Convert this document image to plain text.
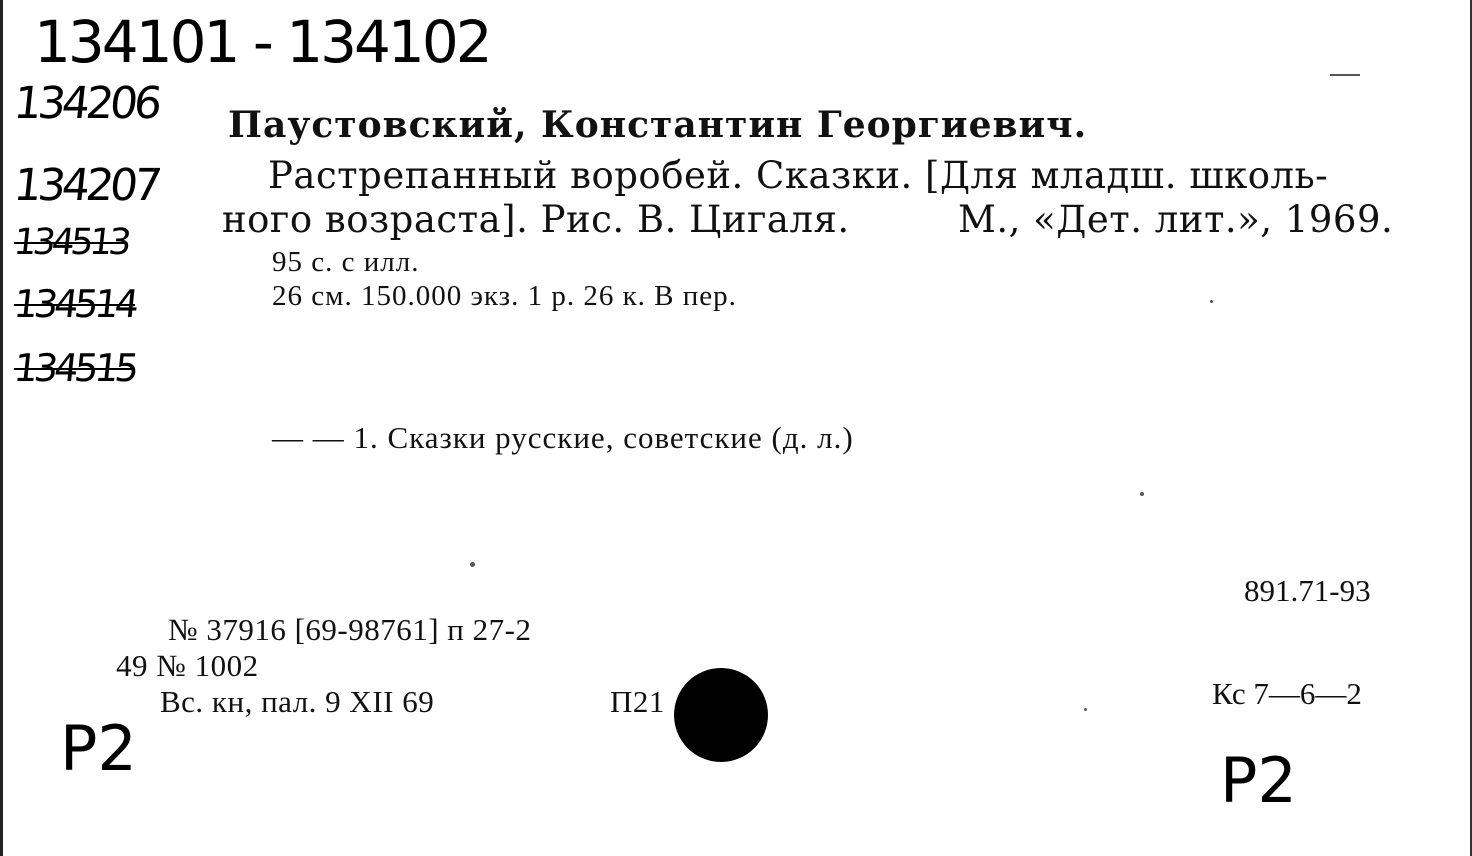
134101 - 134102
134206
134207
134513
134514
134515
Паустовский, Константин Георгиевич.
Растрепанный воробей. Сказки. [Для младш. школь-
ного возраста]. Рис. В. Цигаля.	М., «Дет. лит.», 1969.
95 с. с илл.
26 см. 150.000 экз. 1 р. 26 к. В пер.
— — 1. Сказки русские, советские (д. л.)
891.71-93
№ 37916 [69-98761] п 27-2
49 № 1002
Вс. кн, пал. 9 XII 69	П21	Кс 7—6—2
P2	P2
